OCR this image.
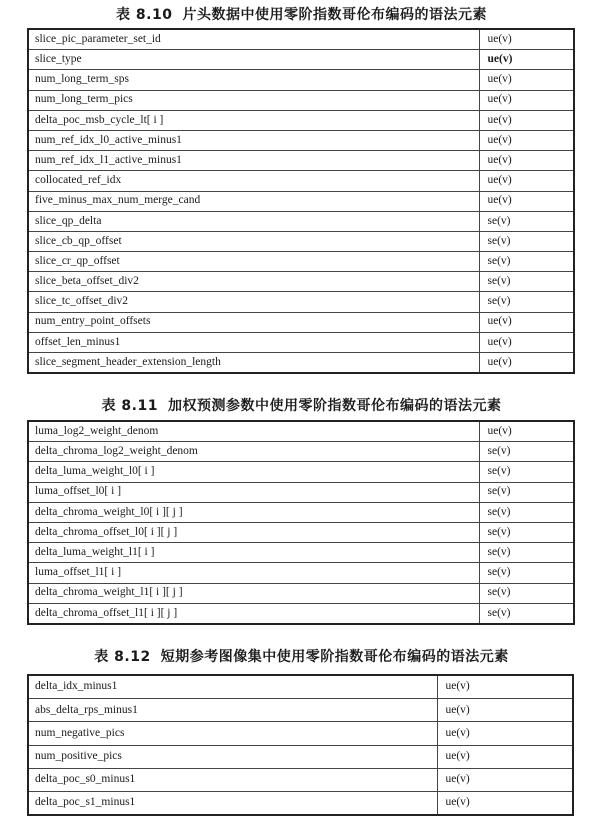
表 8.10 片头数据中使用零阶指数哥伦布编码的语法元素
slice_pic_parameter_set_id	ue(v)
slice_type	ue(v)
num_long_term_sps	ue(v)
num_long_term_pics	ue(v)
delta_poc_msb_cycle_lt[ i ]	ue(v)
num_ref_idx_l0_active_minus1	ue(v)
num_ref_idx_l1_active_minus1	ue(v)
collocated_ref_idx	ue(v)
five_minus_max_num_merge_cand	ue(v)
slice_qp_delta	se(v)
slice_cb_qp_offset	se(v)
slice_cr_qp_offset	se(v)
slice_beta_offset_div2	se(v)
slice_tc_offset_div2	se(v)
num_entry_point_offsets	ue(v)
offset_len_minus1	ue(v)
slice_segment_header_extension_length	ue(v)
表 8.11 加权预测参数中使用零阶指数哥伦布编码的语法元素
luma_log2_weight_denom	ue(v)
delta_chroma_log2_weight_denom	se(v)
delta_luma_weight_l0[ i ]	se(v)
luma_offset_l0[ i ]	se(v)
delta_chroma_weight_l0[ i ][ j ]	se(v)
delta_chroma_offset_l0[ i ][ j ]	se(v)
delta_luma_weight_l1[ i ]	se(v)
luma_offset_l1[ i ]	se(v)
delta_chroma_weight_l1[ i ][ j ]	se(v)
delta_chroma_offset_l1[ i ][ j ]	se(v)
表 8.12 短期参考图像集中使用零阶指数哥伦布编码的语法元素
delta_idx_minus1	ue(v)
abs_delta_rps_minus1	ue(v)
num_negative_pics	ue(v)
num_positive_pics	ue(v)
delta_poc_s0_minus1	ue(v)
delta_poc_s1_minus1	ue(v)
